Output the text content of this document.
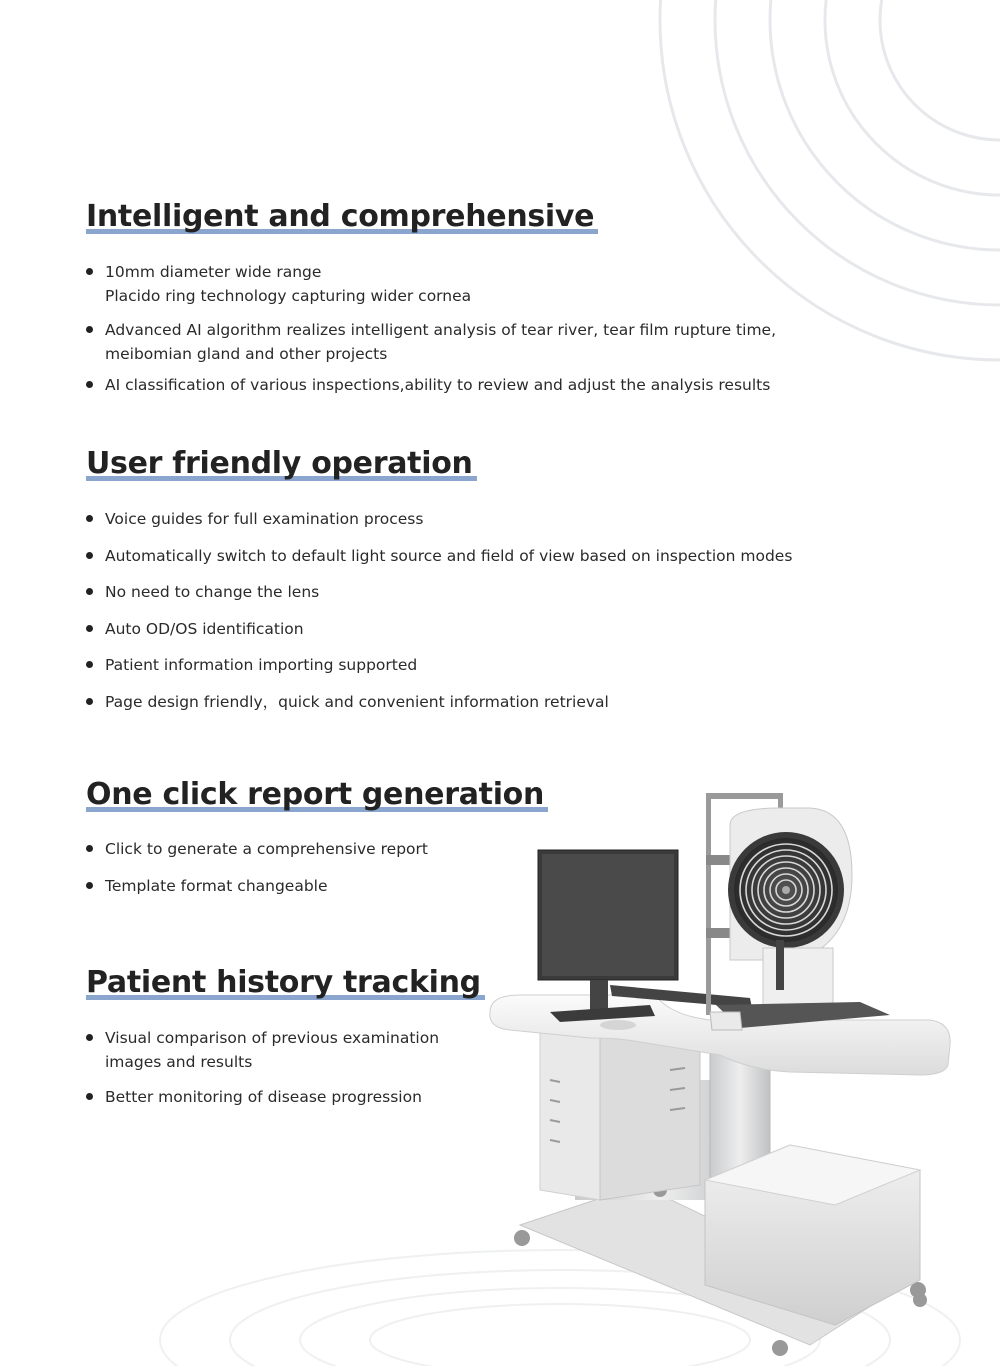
Intelligent and comprehensive
10mm diameter wide range
Placido ring technology capturing wider cornea
Advanced AI algorithm realizes intelligent analysis of tear river, tear film rupture time,
meibomian gland and other projects
AI classification of various inspections,ability to review and adjust the analysis results
User friendly operation
Voice guides for full examination process
Automatically switch to default light source and field of view based on inspection modes
No need to change the lens
Auto OD/OS identification
Patient information importing supported
Page design friendly，quick and convenient information retrieval
One click report generation
Click to generate a comprehensive report
Template format changeable
Patient history tracking
Visual comparison of previous examination
images and results
Better monitoring of disease progression
